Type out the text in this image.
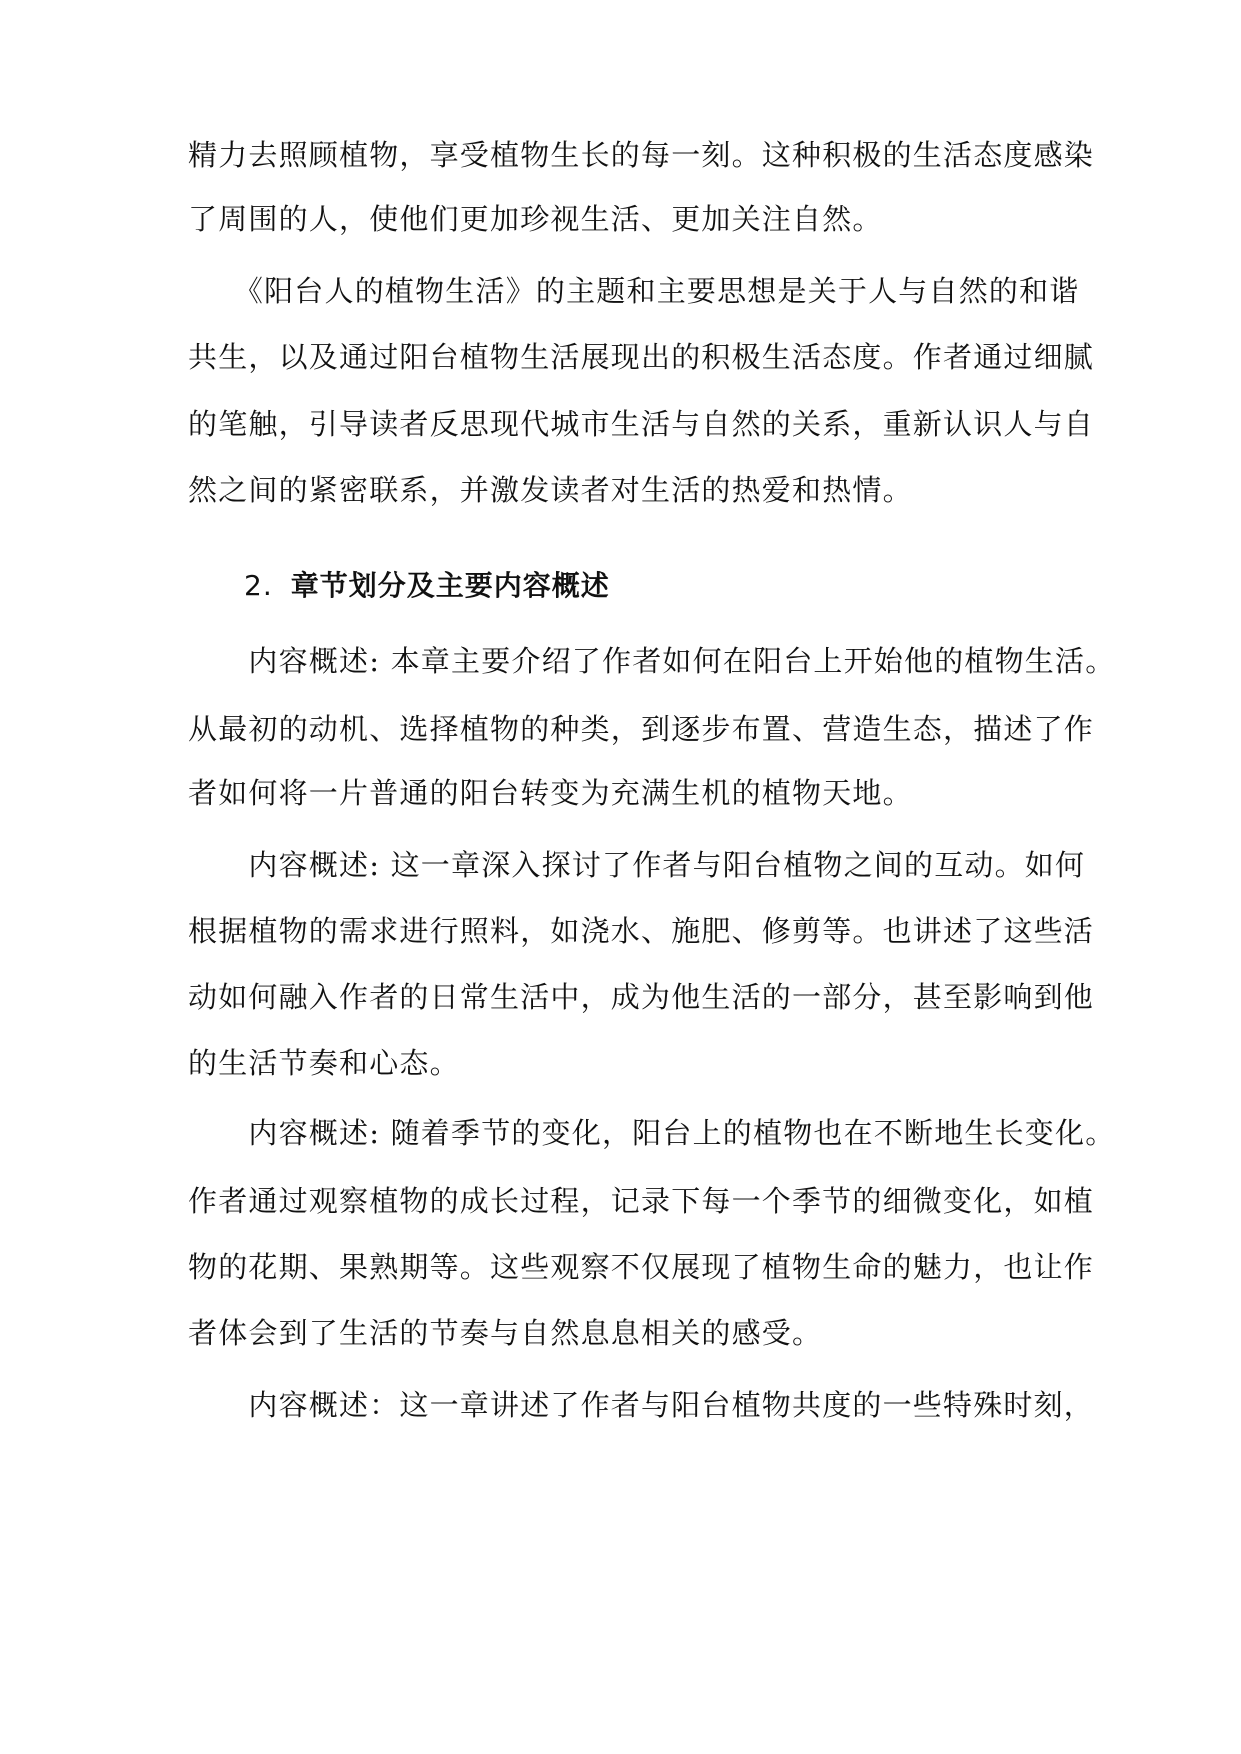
精力去照顾植物，享受植物生长的每一刻。这种积极的生活态度感染
了周围的人，使他们更加珍视生活、更加关注自然。
　　《阳台人的植物生活》的主题和主要思想是关于人与自然的和谐
共生，以及通过阳台植物生活展现出的积极生活态度。作者通过细腻
的笔触，引导读者反思现代城市生活与自然的关系，重新认识人与自
然之间的紧密联系，并激发读者对生活的热爱和热情。
2. 章节划分及主要内容概述
　　内容概述: 本章主要介绍了作者如何在阳台上开始他的植物生活。
从最初的动机、选择植物的种类，到逐步布置、营造生态，描述了作
者如何将一片普通的阳台转变为充满生机的植物天地。
　　内容概述: 这一章深入探讨了作者与阳台植物之间的互动。如何
根据植物的需求进行照料，如浇水、施肥、修剪等。也讲述了这些活
动如何融入作者的日常生活中，成为他生活的一部分，甚至影响到他
的生活节奏和心态。
　　内容概述: 随着季节的变化，阳台上的植物也在不断地生长变化。
作者通过观察植物的成长过程，记录下每一个季节的细微变化，如植
物的花期、果熟期等。这些观察不仅展现了植物生命的魅力，也让作
者体会到了生活的节奏与自然息息相关的感受。
　　内容概述：这一章讲述了作者与阳台植物共度的一些特殊时刻，
